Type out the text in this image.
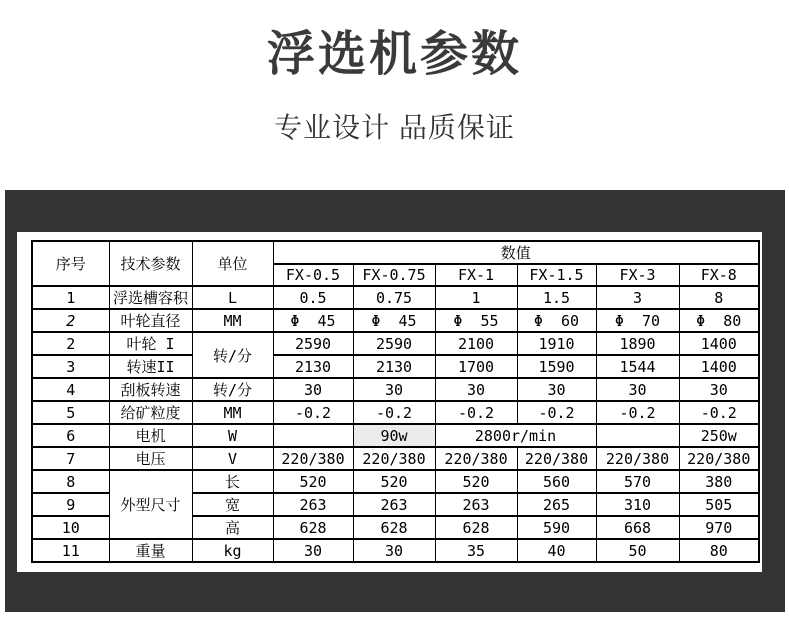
浮选机参数
专业设计 品质保证
序号	技术参数	单位	数值					
			FX-0.5	FX-0.75	FX-1	FX-1.5	FX-3	FX-8
1	浮选槽容积	L	0.5	0.75	1	1.5	3	8
2	叶轮直径	MM	Φ  45	Φ  45	Φ  55	Φ  60	Φ  70	Φ  80
2	叶轮 I	转/分	2590	2590	2100	1910	1890	1400
3	转速II		2130	2130	1700	1590	1544	1400
4	刮板转速	转/分	30	30	30	30	30	30
5	给矿粒度	MM	-0.2	-0.2	-0.2	-0.2	-0.2	-0.2
6	电机	W		90w	2800r/min			250w
7	电压	V	220/380	220/380	220/380	220/380	220/380	220/380
8	外型尺寸	长	520	520	520	560	570	380
9		宽	263	263	263	265	310	505
10		高	628	628	628	590	668	970
11	重量	kg	30	30	35	40	50	80
